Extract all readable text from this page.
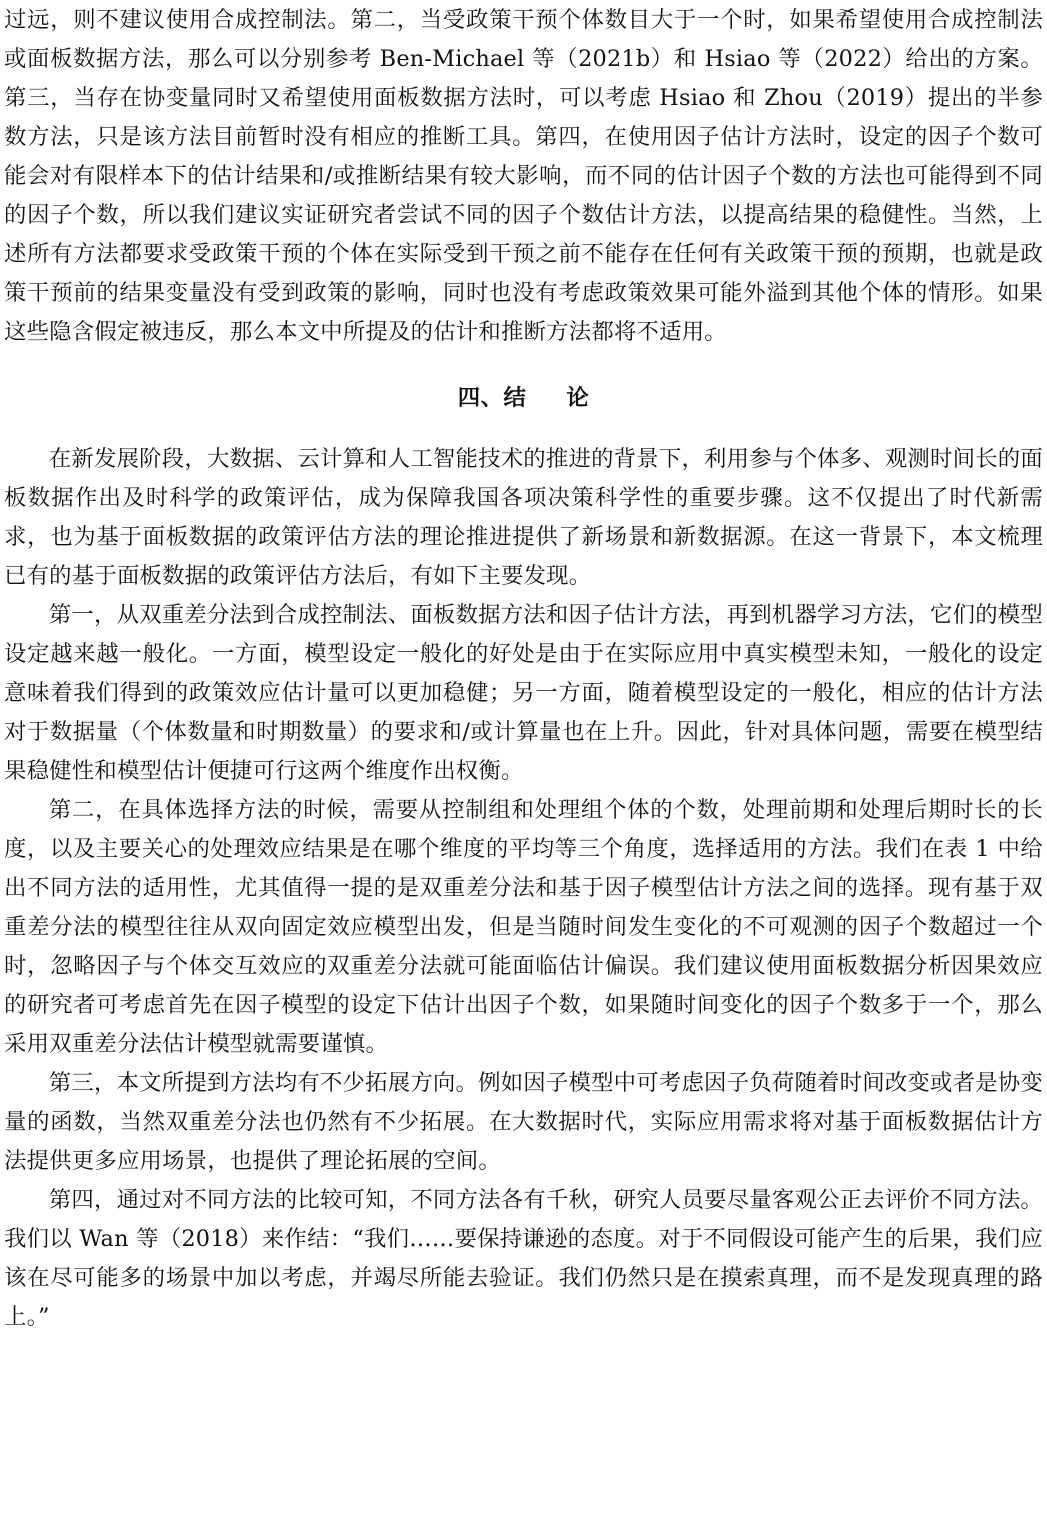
过远，则不建议使用合成控制法。第二，当受政策干预个体数目大于一个时，如果希望使用合成控制法或面板数据方法，那么可以分别参考 Ben-Michael 等（2021b）和 Hsiao 等（2022）给出的方案。第三，当存在协变量同时又希望使用面板数据方法时，可以考虑 Hsiao 和 Zhou（2019）提出的半参数方法，只是该方法目前暂时没有相应的推断工具。第四，在使用因子估计方法时，设定的因子个数可能会对有限样本下的估计结果和/或推断结果有较大影响，而不同的估计因子个数的方法也可能得到不同的因子个数，所以我们建议实证研究者尝试不同的因子个数估计方法，以提高结果的稳健性。当然，上述所有方法都要求受政策干预的个体在实际受到干预之前不能存在任何有关政策干预的预期，也就是政策干预前的结果变量没有受到政策的影响，同时也没有考虑政策效果可能外溢到其他个体的情形。如果这些隐含假定被违反，那么本文中所提及的估计和推断方法都将不适用。

四、结 论

在新发展阶段，大数据、云计算和人工智能技术的推进的背景下，利用参与个体多、观测时间长的面板数据作出及时科学的政策评估，成为保障我国各项决策科学性的重要步骤。这不仅提出了时代新需求，也为基于面板数据的政策评估方法的理论推进提供了新场景和新数据源。在这一背景下，本文梳理已有的基于面板数据的政策评估方法后，有如下主要发现。

第一，从双重差分法到合成控制法、面板数据方法和因子估计方法，再到机器学习方法，它们的模型设定越来越一般化。一方面，模型设定一般化的好处是由于在实际应用中真实模型未知，一般化的设定意味着我们得到的政策效应估计量可以更加稳健；另一方面，随着模型设定的一般化，相应的估计方法对于数据量（个体数量和时期数量）的要求和/或计算量也在上升。因此，针对具体问题，需要在模型结果稳健性和模型估计便捷可行这两个维度作出权衡。

第二，在具体选择方法的时候，需要从控制组和处理组个体的个数，处理前期和处理后期时长的长度，以及主要关心的处理效应结果是在哪个维度的平均等三个角度，选择适用的方法。我们在表 1 中给出不同方法的适用性，尤其值得一提的是双重差分法和基于因子模型估计方法之间的选择。现有基于双重差分法的模型往往从双向固定效应模型出发，但是当随时间发生变化的不可观测的因子个数超过一个时，忽略因子与个体交互效应的双重差分法就可能面临估计偏误。我们建议使用面板数据分析因果效应的研究者可考虑首先在因子模型的设定下估计出因子个数，如果随时间变化的因子个数多于一个，那么采用双重差分法估计模型就需要谨慎。

第三，本文所提到方法均有不少拓展方向。例如因子模型中可考虑因子负荷随着时间改变或者是协变量的函数，当然双重差分法也仍然有不少拓展。在大数据时代，实际应用需求将对基于面板数据估计方法提供更多应用场景，也提供了理论拓展的空间。

第四，通过对不同方法的比较可知，不同方法各有千秋，研究人员要尽量客观公正去评价不同方法。我们以 Wan 等（2018）来作结：“我们……要保持谦逊的态度。对于不同假设可能产生的后果，我们应该在尽可能多的场景中加以考虑，并竭尽所能去验证。我们仍然只是在摸索真理，而不是发现真理的路上。”
